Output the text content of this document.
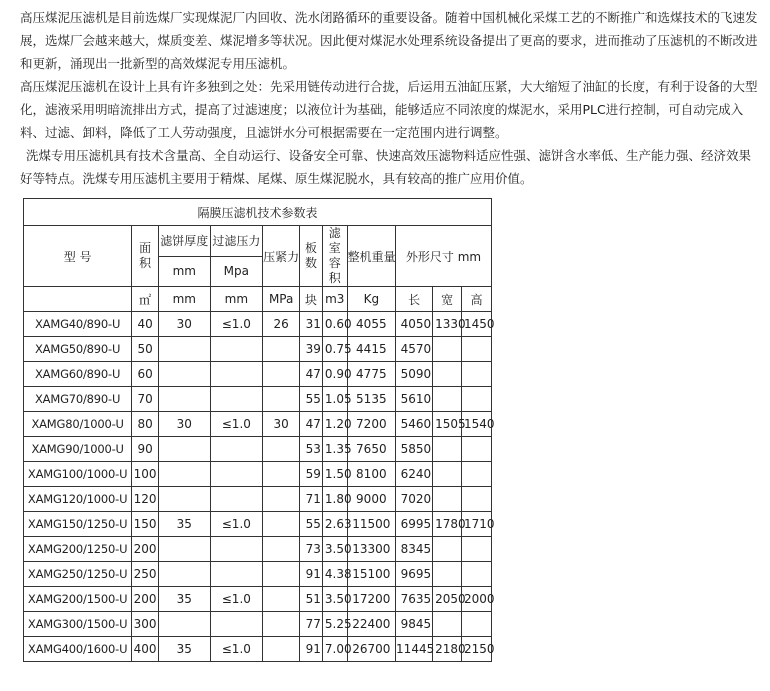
高压煤泥压滤机是目前选煤厂实现煤泥厂内回收、洗水闭路循环的重要设备。随着中国机械化采煤工艺的不断推广和选煤技术的飞速发展，选煤厂会越来越大，煤质变差、煤泥增多等状况。因此便对煤泥水处理系统设备提出了更高的要求，进而推动了压滤机的不断改进和更新，涌现出一批新型的高效煤泥专用压滤机。

高压煤泥压滤机在设计上具有许多独到之处：先采用链传动进行合拢，后运用五油缸压紧，大大缩短了油缸的长度，有利于设备的大型化，滤液采用明暗流排出方式，提高了过滤速度；以液位计为基础，能够适应不同浓度的煤泥水，采用PLC进行控制，可自动完成入料、过滤、卸料，降低了工人劳动强度，且滤饼水分可根据需要在一定范围内进行调整。

洗煤专用压滤机具有技术含量高、全自动运行、设备安全可靠、快速高效压滤物料适应性强、滤饼含水率低、生产能力强、经济效果好等特点。洗煤专用压滤机主要用于精煤、尾煤、原生煤泥脱水，具有较高的推广应用价值。

隔膜压滤机技术参数表										
型 号	面 积	滤饼厚度	过滤压力	压紧力	板 数	滤室容积	整机重量	外形尺寸 mm		
		mm	Mpa							
	㎡	mm	mm	MPa	块	m3	Kg	长	宽	高
XAMG40/890-U	40	30	≤1.0	26	31	0.60	4055	4050	1330	1450
XAMG50/890-U	50				39	0.75	4415	4570		
XAMG60/890-U	60				47	0.90	4775	5090		
XAMG70/890-U	70				55	1.05	5135	5610		
XAMG80/1000-U	80	30	≤1.0	30	47	1.20	7200	5460	1505	1540
XAMG90/1000-U	90				53	1.35	7650	5850		
XAMG100/1000-U	100				59	1.50	8100	6240		
XAMG120/1000-U	120				71	1.80	9000	7020		
XAMG150/1250-U	150	35	≤1.0		55	2.63	11500	6995	1780	1710
XAMG200/1250-U	200				73	3.50	13300	8345		
XAMG250/1250-U	250				91	4.38	15100	9695		
XAMG200/1500-U	200	35	≤1.0		51	3.50	17200	7635	2050	2000
XAMG300/1500-U	300				77	5.25	22400	9845		
XAMG400/1600-U	400	35	≤1.0		91	7.00	26700	11445	2180	2150
